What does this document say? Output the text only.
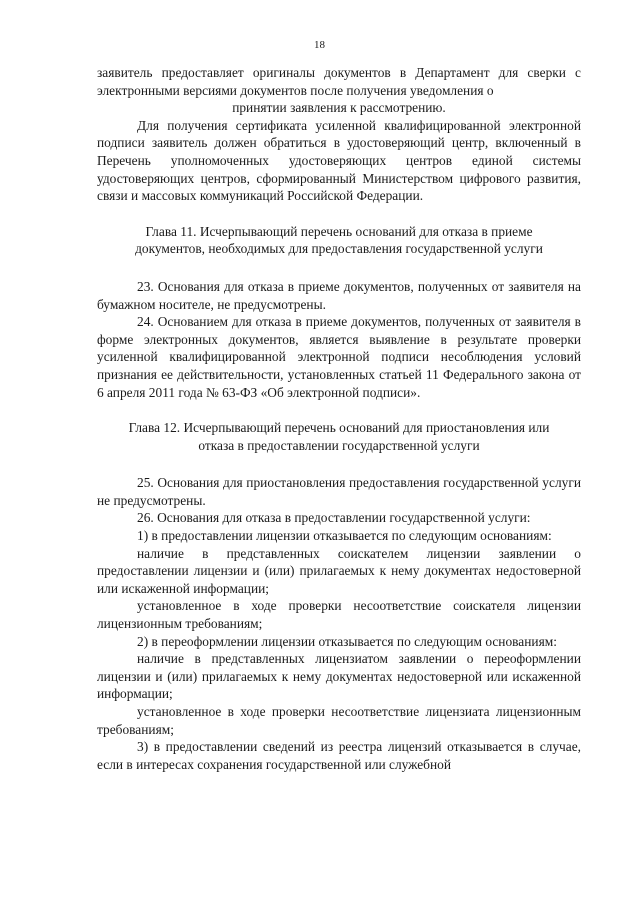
18

заявитель предоставляет оригиналы документов в Департамент для сверки с электронными версиями документов после получения уведомления о

принятии заявления к рассмотрению.

Для получения сертификата усиленной квалифицированной электронной подписи заявитель должен обратиться в удостоверяющий центр, включенный в Перечень уполномоченных удостоверяющих центров единой системы удостоверяющих центров, сформированный Министерством цифрового развития, связи и массовых коммуникаций Российской Федерации.

Глава 11. Исчерпывающий перечень оснований для отказа в приеме
документов, необходимых для предоставления государственной услуги

23. Основания для отказа в приеме документов, полученных от заявителя на бумажном носителе, не предусмотрены.

24. Основанием для отказа в приеме документов, полученных от заявителя в форме электронных документов, является выявление в результате проверки усиленной квалифицированной электронной подписи несоблюдения условий признания ее действительности, установленных статьей 11 Федерального закона от 6 апреля 2011 года № 63-ФЗ «Об электронной подписи».

Глава 12. Исчерпывающий перечень оснований для приостановления или
отказа в предоставлении государственной услуги

25. Основания для приостановления предоставления государственной услуги не предусмотрены.

26. Основания для отказа в предоставлении государственной услуги:

1) в предоставлении лицензии отказывается по следующим основаниям:

наличие в представленных соискателем лицензии заявлении о предоставлении лицензии и (или) прилагаемых к нему документах недостоверной или искаженной информации;

установленное в ходе проверки несоответствие соискателя лицензии лицензионным требованиям;

2) в переоформлении лицензии отказывается по следующим основаниям:

наличие в представленных лицензиатом заявлении о переоформлении лицензии и (или) прилагаемых к нему документах недостоверной или искаженной информации;

установленное в ходе проверки несоответствие лицензиата лицензионным требованиям;

3) в предоставлении сведений из реестра лицензий отказывается в случае, если в интересах сохранения государственной или служебной
